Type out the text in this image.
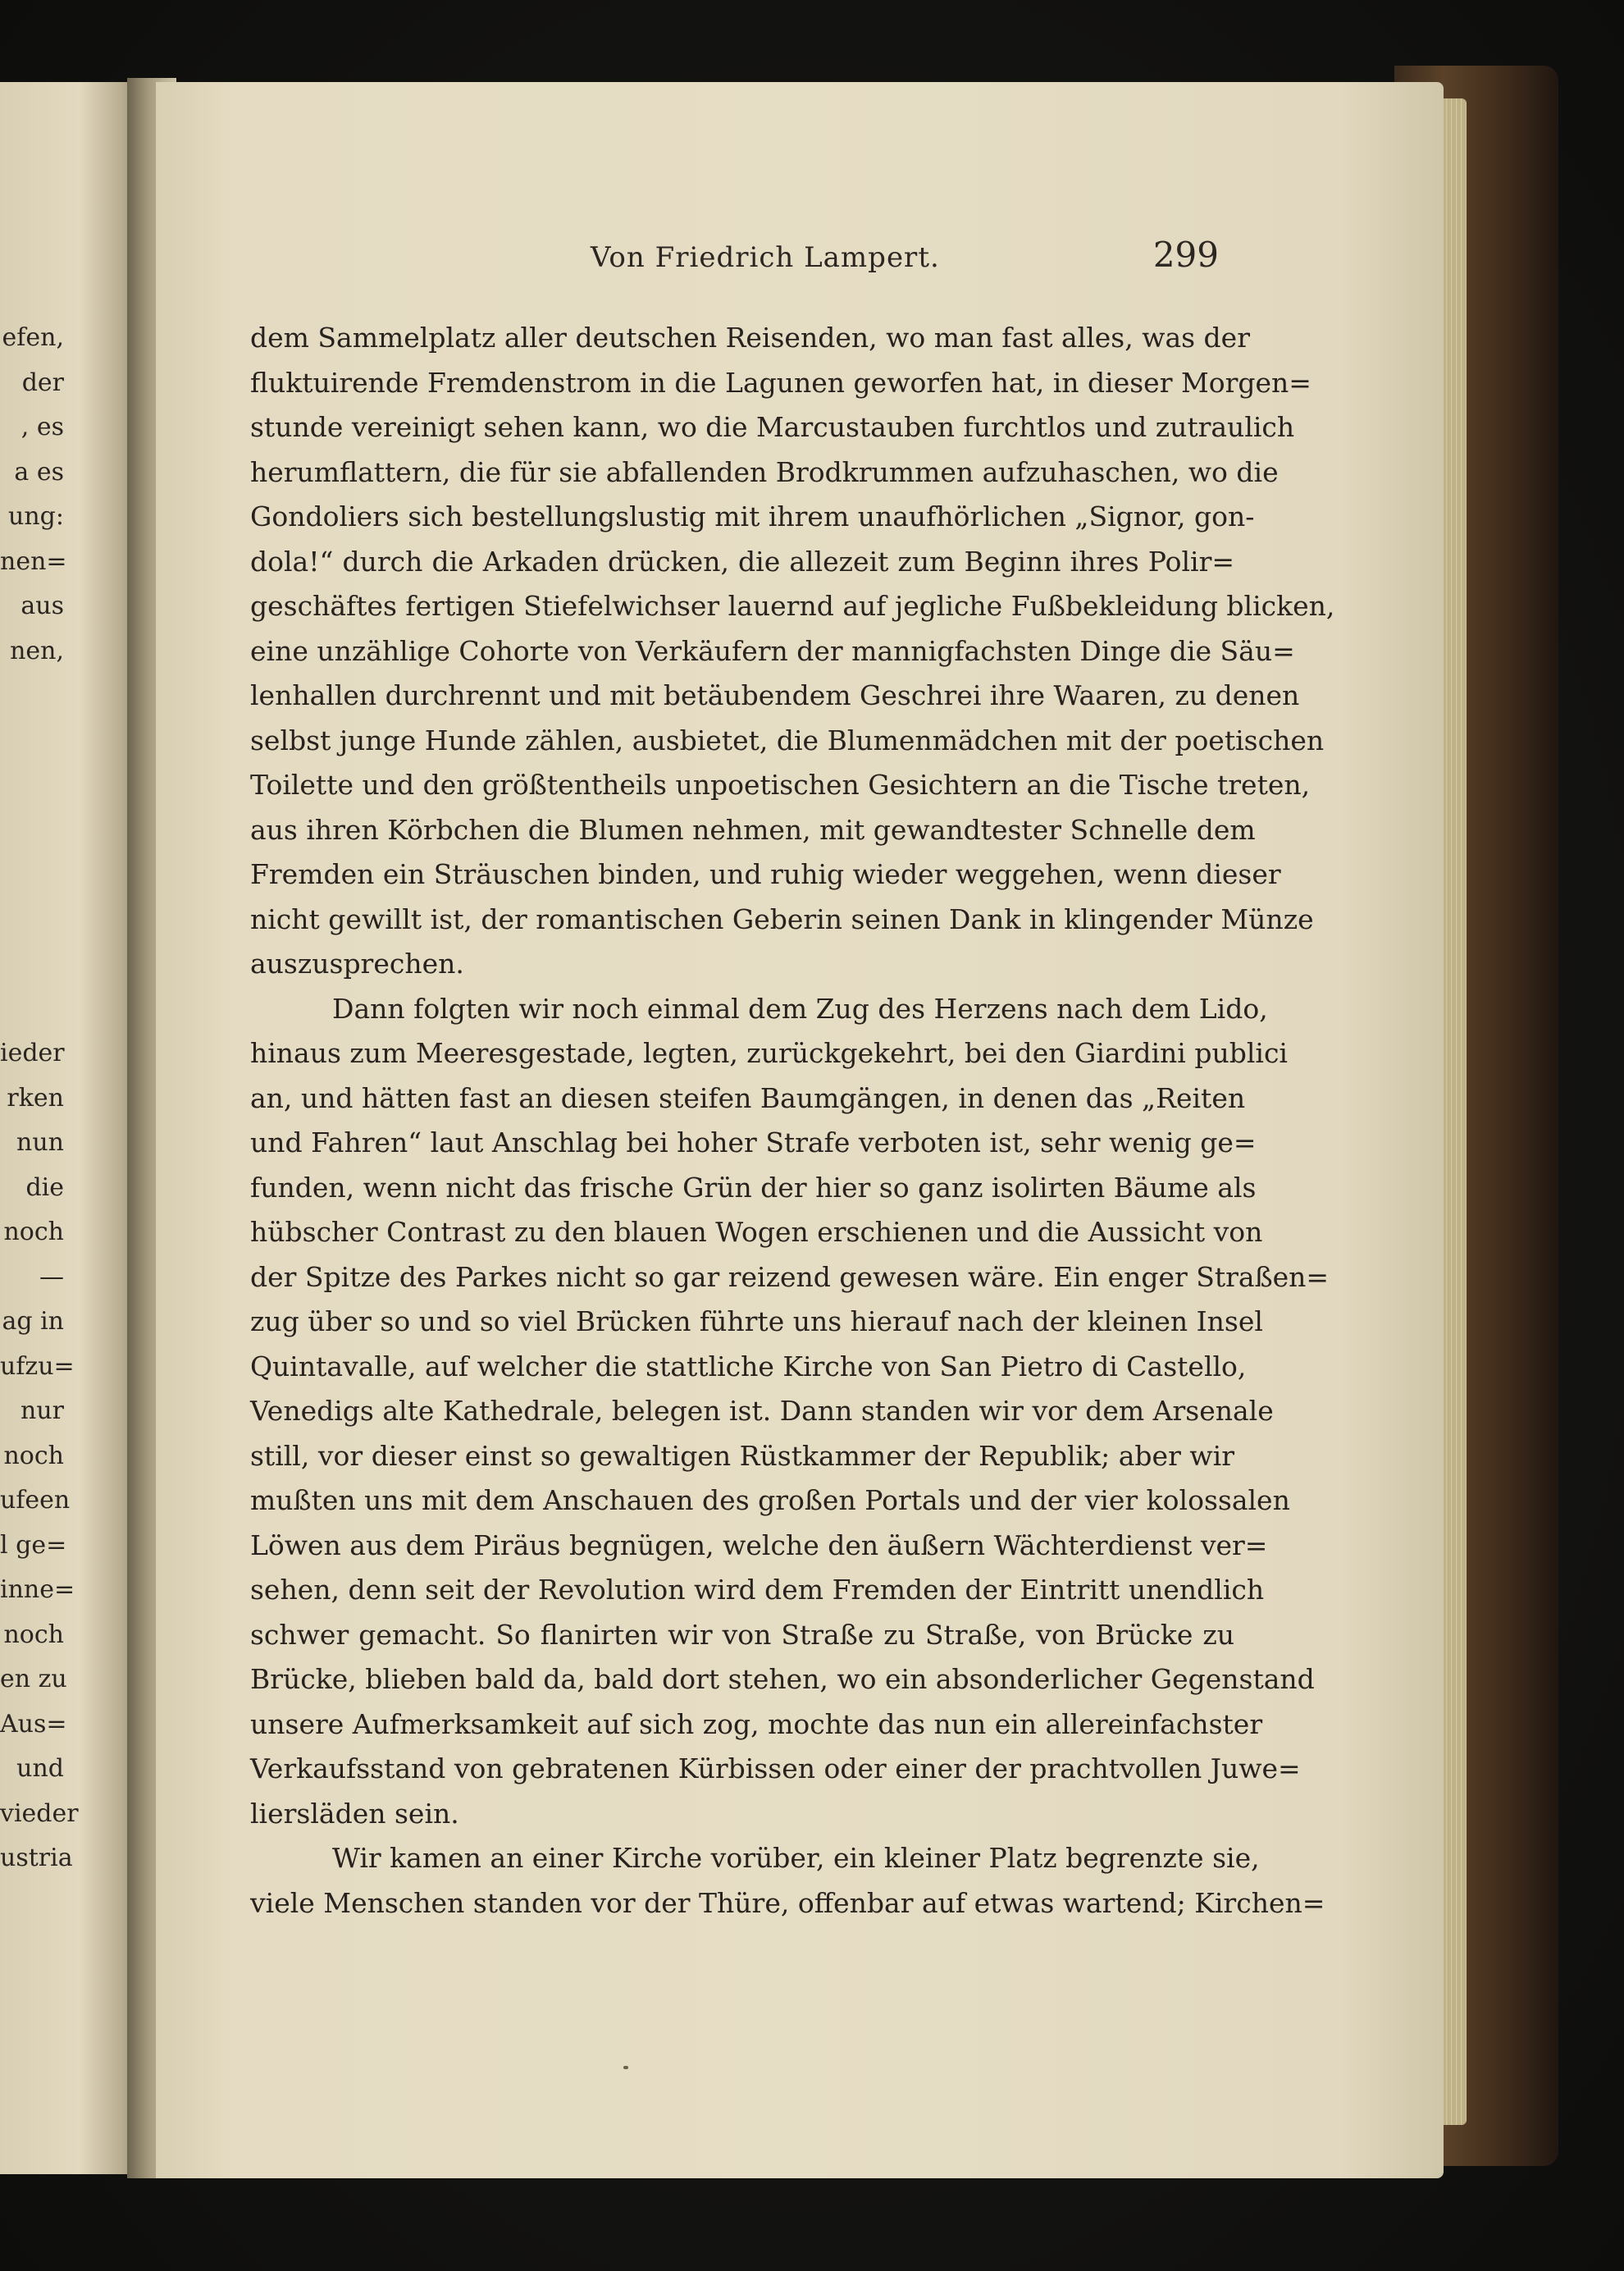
efen,
der
, es
a es
ung:
nen=
aus
nen,
ieder
rken
nun
die
noch
—
ag in
ufzu=
nur
noch
ufeen
l ge=
inne=
noch
en zu
Aus=
und
vieder
ustria
Von Friedrich Lampert.	299
dem Sammelplatz aller deutschen Reisenden, wo man fast alles, was der
fluktuirende Fremdenstrom in die Lagunen geworfen hat, in dieser Morgen=
stunde vereinigt sehen kann, wo die Marcustauben furchtlos und zutraulich
herumflattern, die für sie abfallenden Brodkrummen aufzuhaschen, wo die
Gondoliers sich bestellungslustig mit ihrem unaufhörlichen „Signor, gon-
dola!“ durch die Arkaden drücken, die allezeit zum Beginn ihres Polir=
geschäftes fertigen Stiefelwichser lauernd auf jegliche Fußbekleidung blicken,
eine unzählige Cohorte von Verkäufern der mannigfachsten Dinge die Säu=
lenhallen durchrennt und mit betäubendem Geschrei ihre Waaren, zu denen
selbst junge Hunde zählen, ausbietet, die Blumenmädchen mit der poetischen
Toilette und den größtentheils unpoetischen Gesichtern an die Tische treten,
aus ihren Körbchen die Blumen nehmen, mit gewandtester Schnelle dem
Fremden ein Sträuschen binden, und ruhig wieder weggehen, wenn dieser
nicht gewillt ist, der romantischen Geberin seinen Dank in klingender Münze
auszusprechen.
Dann folgten wir noch einmal dem Zug des Herzens nach dem Lido,
hinaus zum Meeresgestade, legten, zurückgekehrt, bei den Giardini publici
an, und hätten fast an diesen steifen Baumgängen, in denen das „Reiten
und Fahren“ laut Anschlag bei hoher Strafe verboten ist, sehr wenig ge=
funden, wenn nicht das frische Grün der hier so ganz isolirten Bäume als
hübscher Contrast zu den blauen Wogen erschienen und die Aussicht von
der Spitze des Parkes nicht so gar reizend gewesen wäre. Ein enger Straßen=
zug über so und so viel Brücken führte uns hierauf nach der kleinen Insel
Quintavalle, auf welcher die stattliche Kirche von San Pietro di Castello,
Venedigs alte Kathedrale, belegen ist. Dann standen wir vor dem Arsenale
still, vor dieser einst so gewaltigen Rüstkammer der Republik; aber wir
mußten uns mit dem Anschauen des großen Portals und der vier kolossalen
Löwen aus dem Piräus begnügen, welche den äußern Wächterdienst ver=
sehen, denn seit der Revolution wird dem Fremden der Eintritt unendlich
schwer gemacht. So flanirten wir von Straße zu Straße, von Brücke zu
Brücke, blieben bald da, bald dort stehen, wo ein absonderlicher Gegenstand
unsere Aufmerksamkeit auf sich zog, mochte das nun ein allereinfachster
Verkaufsstand von gebratenen Kürbissen oder einer der prachtvollen Juwe=
liersläden sein.
Wir kamen an einer Kirche vorüber, ein kleiner Platz begrenzte sie,
viele Menschen standen vor der Thüre, offenbar auf etwas wartend; Kirchen=
